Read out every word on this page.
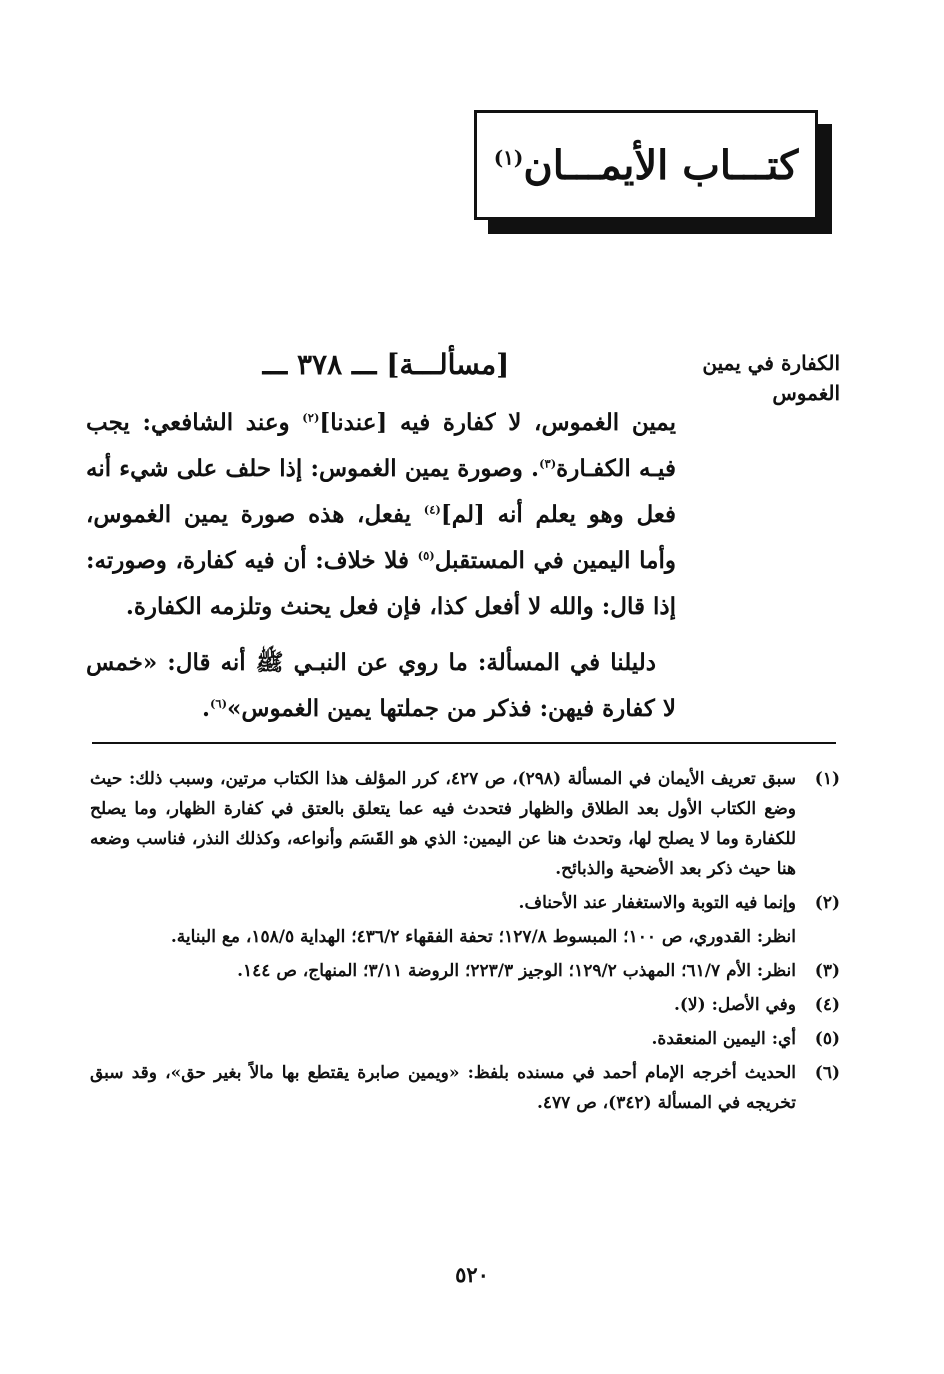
كتـــاب الأيمـــان$^{(١)}$
الكفارة في يمين
الغموس
[مسألـــة] ـــ ٣٧٨ ـــ

يمين الغموس، لا كفارة فيه [عندنا]$^{(٢)}$ وعند الشافعي: يجب فيـه الكفـارة$^{(٣)}$. وصورة يمين الغموس: إذا حلف على شيء أنه فعل وهو يعلم أنه [لم]$^{(٤)}$ يفعل، هذه صورة يمين الغموس، وأما اليمين في المستقبل$^{(٥)}$ فلا خلاف: أن فيه كفارة، وصورته: إذا قال: والله لا أفعل كذا، فإن فعل يحنث وتلزمه الكفارة.

دليلنا في المسألة: ما روي عن النبـي ﷺ أنه قال: «خمس لا كفارة فيهن: فذكر من جملتها يمين الغموس»$^{(٦)}$.

(١)
سبق تعريف الأيمان في المسألة (٢٩٨)، ص ٤٢٧، كرر المؤلف هذا الكتاب مرتين، وسبب ذلك: حيث وضع الكتاب الأول بعد الطلاق والظهار فتحدث فيه عما يتعلق بالعتق في كفارة الظهار، وما يصلح للكفارة وما لا يصلح لها، وتحدث هنا عن اليمين: الذي هو القَسَم وأنواعه، وكذلك النذر، فناسب وضعه هنا حيث ذكر بعد الأضحية والذبائح.
(٢)
وإنما فيه التوبة والاستغفار عند الأحناف.
انظر: القدوري، ص ١٠٠؛ المبسوط ١٢٧/٨؛ تحفة الفقهاء ٤٣٦/٢؛ الهداية ١٥٨/٥، مع البناية.
(٣)
انظر: الأم ٦١/٧؛ المهذب ١٢٩/٢؛ الوجيز ٢٢٣/٣؛ الروضة ٣/١١؛ المنهاج، ص ١٤٤.
(٤)
وفي الأصل: (لا).
(٥)
أي: اليمين المنعقدة.
(٦)
الحديث أخرجه الإمام أحمد في مسنده بلفظ: «ويمين صابرة يقتطع بها مالاً بغير حق»، وقد سبق تخريجه في المسألة (٣٤٢)، ص ٤٧٧.
٥٢٠
